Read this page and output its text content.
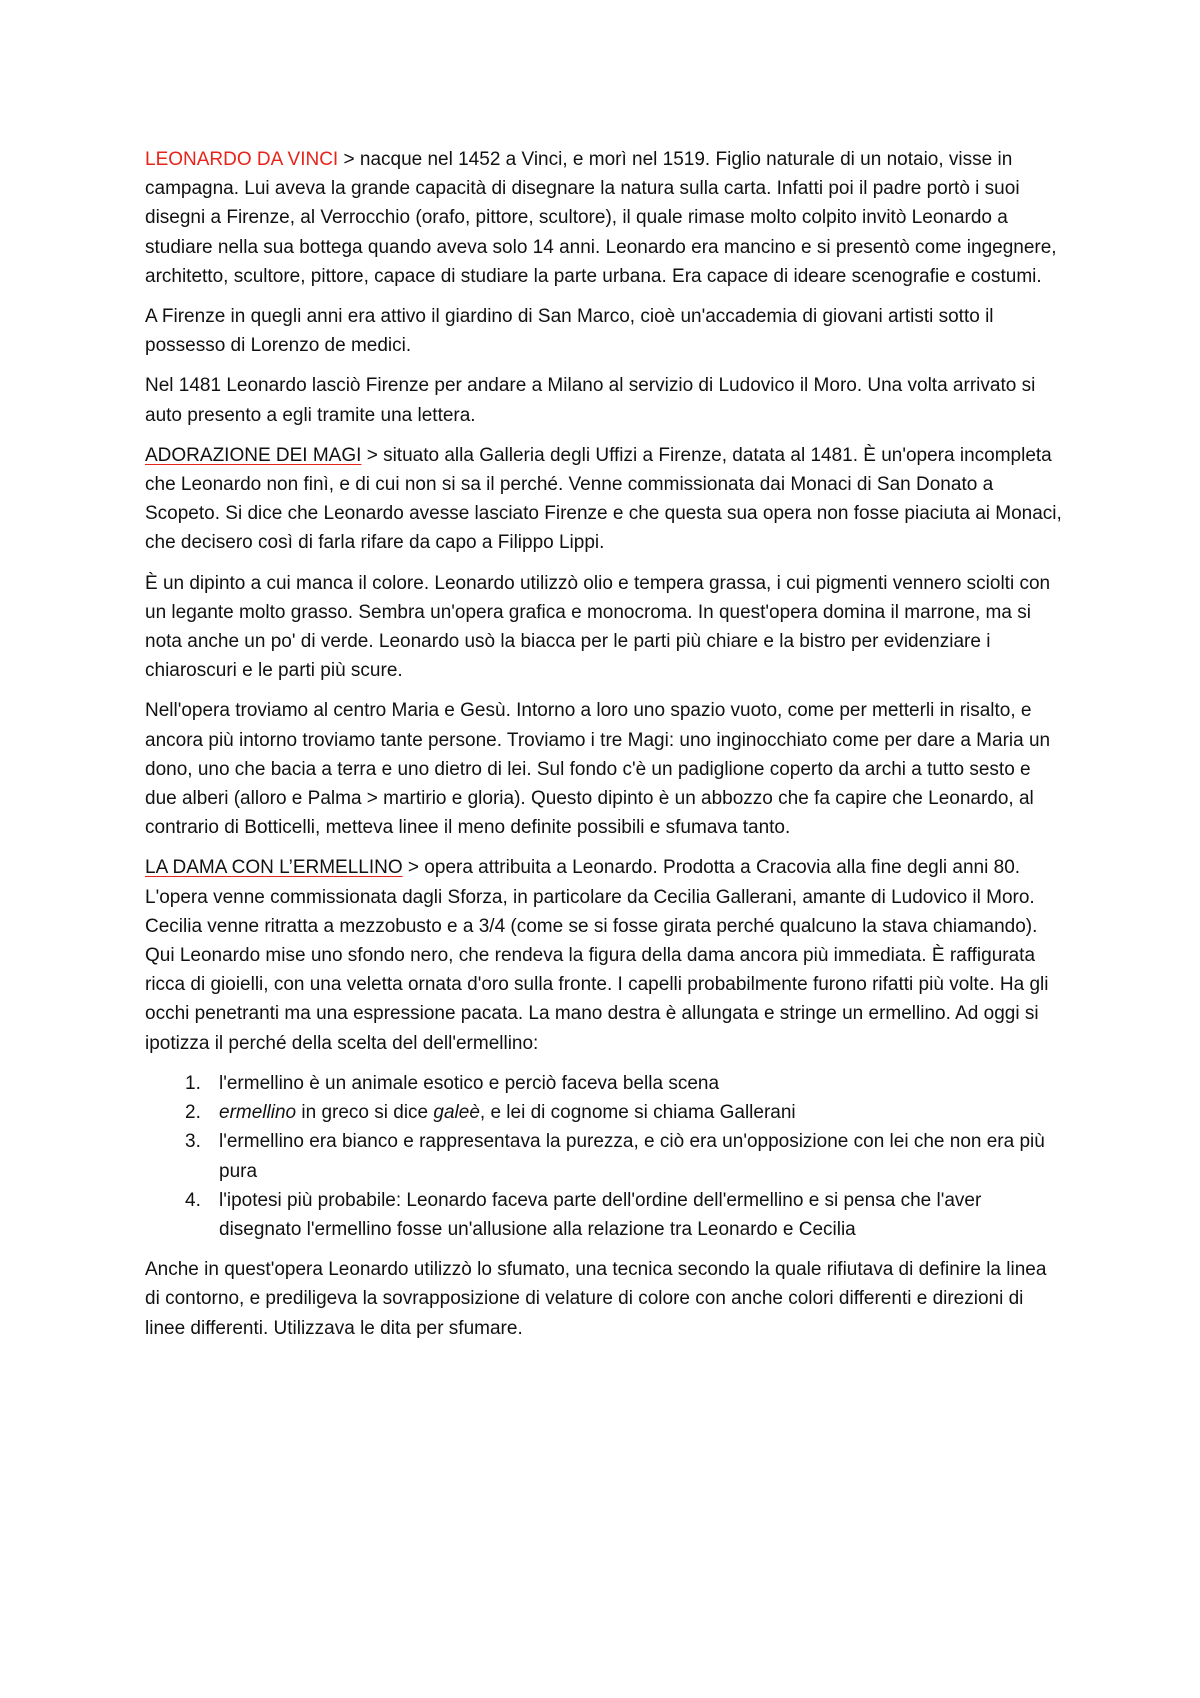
LEONARDO DA VINCI > nacque nel 1452 a Vinci, e morì nel 1519. Figlio naturale di un notaio, visse in campagna. Lui aveva la grande capacità di disegnare la natura sulla carta. Infatti poi il padre portò i suoi disegni a Firenze, al Verrocchio (orafo, pittore, scultore), il quale rimase molto colpito invitò Leonardo a studiare nella sua bottega quando aveva solo 14 anni. Leonardo era mancino e si presentò come ingegnere, architetto, scultore, pittore, capace di studiare la parte urbana. Era capace di ideare scenografie e costumi.

A Firenze in quegli anni era attivo il giardino di San Marco, cioè un'accademia di giovani artisti sotto il possesso di Lorenzo de medici.

Nel 1481 Leonardo lasciò Firenze per andare a Milano al servizio di Ludovico il Moro. Una volta arrivato si auto presento a egli tramite una lettera.

ADORAZIONE DEI MAGI > situato alla Galleria degli Uffizi a Firenze, datata al 1481. È un'opera incompleta che Leonardo non finì, e di cui non si sa il perché. Venne commissionata dai Monaci di San Donato a Scopeto. Si dice che Leonardo avesse lasciato Firenze e che questa sua opera non fosse piaciuta ai Monaci, che decisero così di farla rifare da capo a Filippo Lippi.

È un dipinto a cui manca il colore. Leonardo utilizzò olio e tempera grassa, i cui pigmenti vennero sciolti con un legante molto grasso. Sembra un'opera grafica e monocroma. In quest'opera domina il marrone, ma si nota anche un po' di verde. Leonardo usò la biacca per le parti più chiare e la bistro per evidenziare i chiaroscuri e le parti più scure.

Nell'opera troviamo al centro Maria e Gesù. Intorno a loro uno spazio vuoto, come per metterli in risalto, e ancora più intorno troviamo tante persone. Troviamo i tre Magi: uno inginocchiato come per dare a Maria un dono, uno che bacia a terra e uno dietro di lei. Sul fondo c'è un padiglione coperto da archi a tutto sesto e due alberi (alloro e Palma > martirio e gloria). Questo dipinto è un abbozzo che fa capire che Leonardo, al contrario di Botticelli, metteva linee il meno definite possibili e sfumava tanto.

LA DAMA CON L’ERMELLINO > opera attribuita a Leonardo. Prodotta a Cracovia alla fine degli anni 80. L'opera venne commissionata dagli Sforza, in particolare da Cecilia Gallerani, amante di Ludovico il Moro. Cecilia venne ritratta a mezzobusto e a 3/4 (come se si fosse girata perché qualcuno la stava chiamando). Qui Leonardo mise uno sfondo nero, che rendeva la figura della dama ancora più immediata. È raffigurata ricca di gioielli, con una veletta ornata d'oro sulla fronte. I capelli probabilmente furono rifatti più volte. Ha gli occhi penetranti ma una espressione pacata. La mano destra è allungata e stringe un ermellino. Ad oggi si ipotizza il perché della scelta del dell'ermellino:

1. l'ermellino è un animale esotico e perciò faceva bella scena
2. ermellino in greco si dice galeè, e lei di cognome si chiama Gallerani
3. l'ermellino era bianco e rappresentava la purezza, e ciò era un'opposizione con lei che non era più pura
4. l'ipotesi più probabile: Leonardo faceva parte dell'ordine dell'ermellino e si pensa che l'aver disegnato l'ermellino fosse un'allusione alla relazione tra Leonardo e Cecilia

Anche in quest'opera Leonardo utilizzò lo sfumato, una tecnica secondo la quale rifiutava di definire la linea di contorno, e prediligeva la sovrapposizione di velature di colore con anche colori differenti e direzioni di linee differenti. Utilizzava le dita per sfumare.
